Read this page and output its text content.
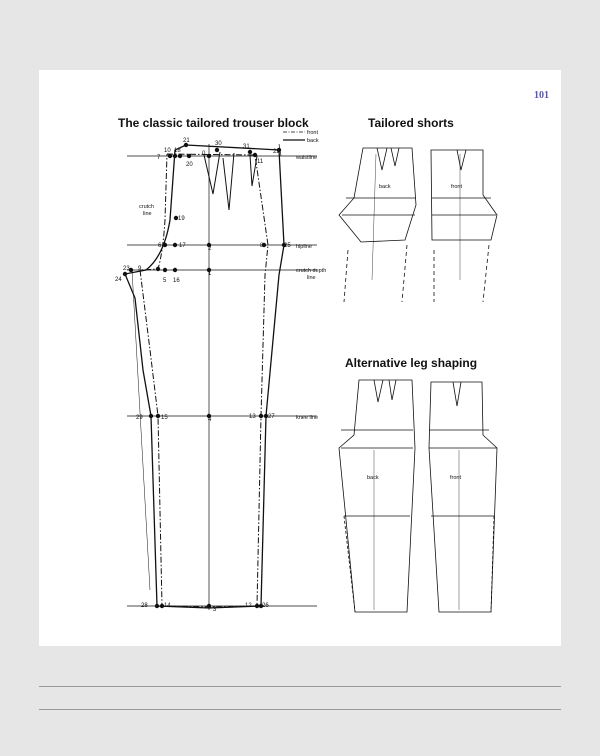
101
The classic tailored trouser block	Tailored shorts
Alternative leg shaping
front
back
waistline
hipline
crutch depth
line
knee line
crutch
line
1
2
3
4
0
5
6
7
8
9
10
11
12
13
14
15
16
17
18
19
20
21
22
23
24
25
26
27
28
29
30	31
back	front
back	front
